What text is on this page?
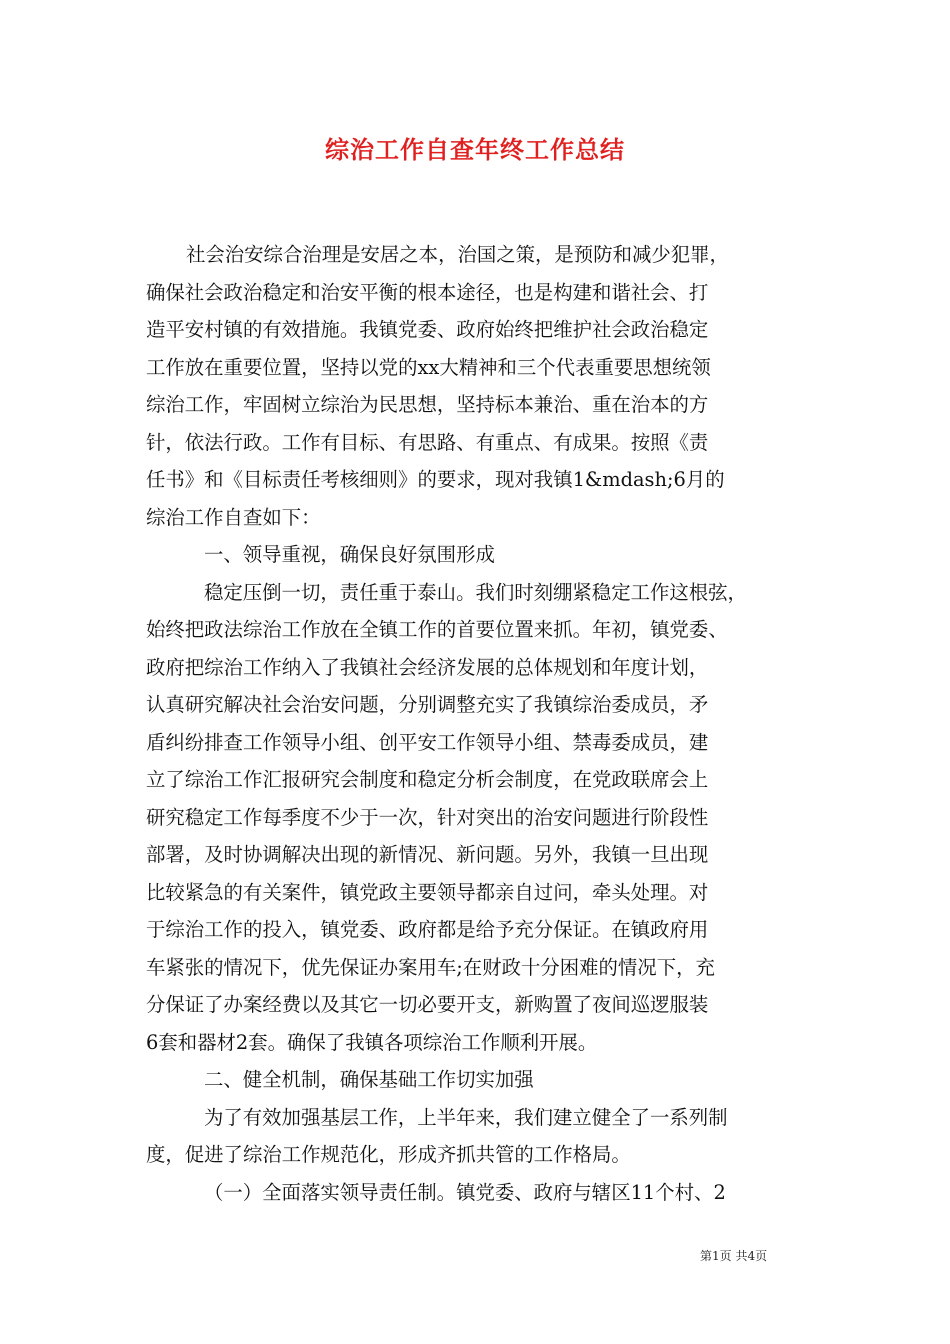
综治工作自查年终工作总结
社会治安综合治理是安居之本，治国之策，是预防和减少犯罪，
确保社会政治稳定和治安平衡的根本途径，也是构建和谐社会、打
造平安村镇的有效措施。我镇党委、政府始终把维护社会政治稳定
工作放在重要位置，坚持以党的xx大精神和三个代表重要思想统领
综治工作，牢固树立综治为民思想，坚持标本兼治、重在治本的方
针，依法行政。工作有目标、有思路、有重点、有成果。按照《责
任书》和《目标责任考核细则》的要求，现对我镇1&mdash;6月的
综治工作自查如下：
一、领导重视，确保良好氛围形成
稳定压倒一切，责任重于泰山。我们时刻绷紧稳定工作这根弦，
始终把政法综治工作放在全镇工作的首要位置来抓。年初，镇党委、
政府把综治工作纳入了我镇社会经济发展的总体规划和年度计划，
认真研究解决社会治安问题，分别调整充实了我镇综治委成员，矛
盾纠纷排查工作领导小组、创平安工作领导小组、禁毒委成员，建
立了综治工作汇报研究会制度和稳定分析会制度，在党政联席会上
研究稳定工作每季度不少于一次，针对突出的治安问题进行阶段性
部署，及时协调解决出现的新情况、新问题。另外，我镇一旦出现
比较紧急的有关案件，镇党政主要领导都亲自过问，牵头处理。对
于综治工作的投入，镇党委、政府都是给予充分保证。在镇政府用
车紧张的情况下，优先保证办案用车;在财政十分困难的情况下，充
分保证了办案经费以及其它一切必要开支，新购置了夜间巡逻服装
6套和器材2套。确保了我镇各项综治工作顺利开展。
二、健全机制，确保基础工作切实加强
为了有效加强基层工作，上半年来，我们建立健全了一系列制
度，促进了综治工作规范化，形成齐抓共管的工作格局。
（一）全面落实领导责任制。镇党委、政府与辖区11个村、2
第1页 共4页
